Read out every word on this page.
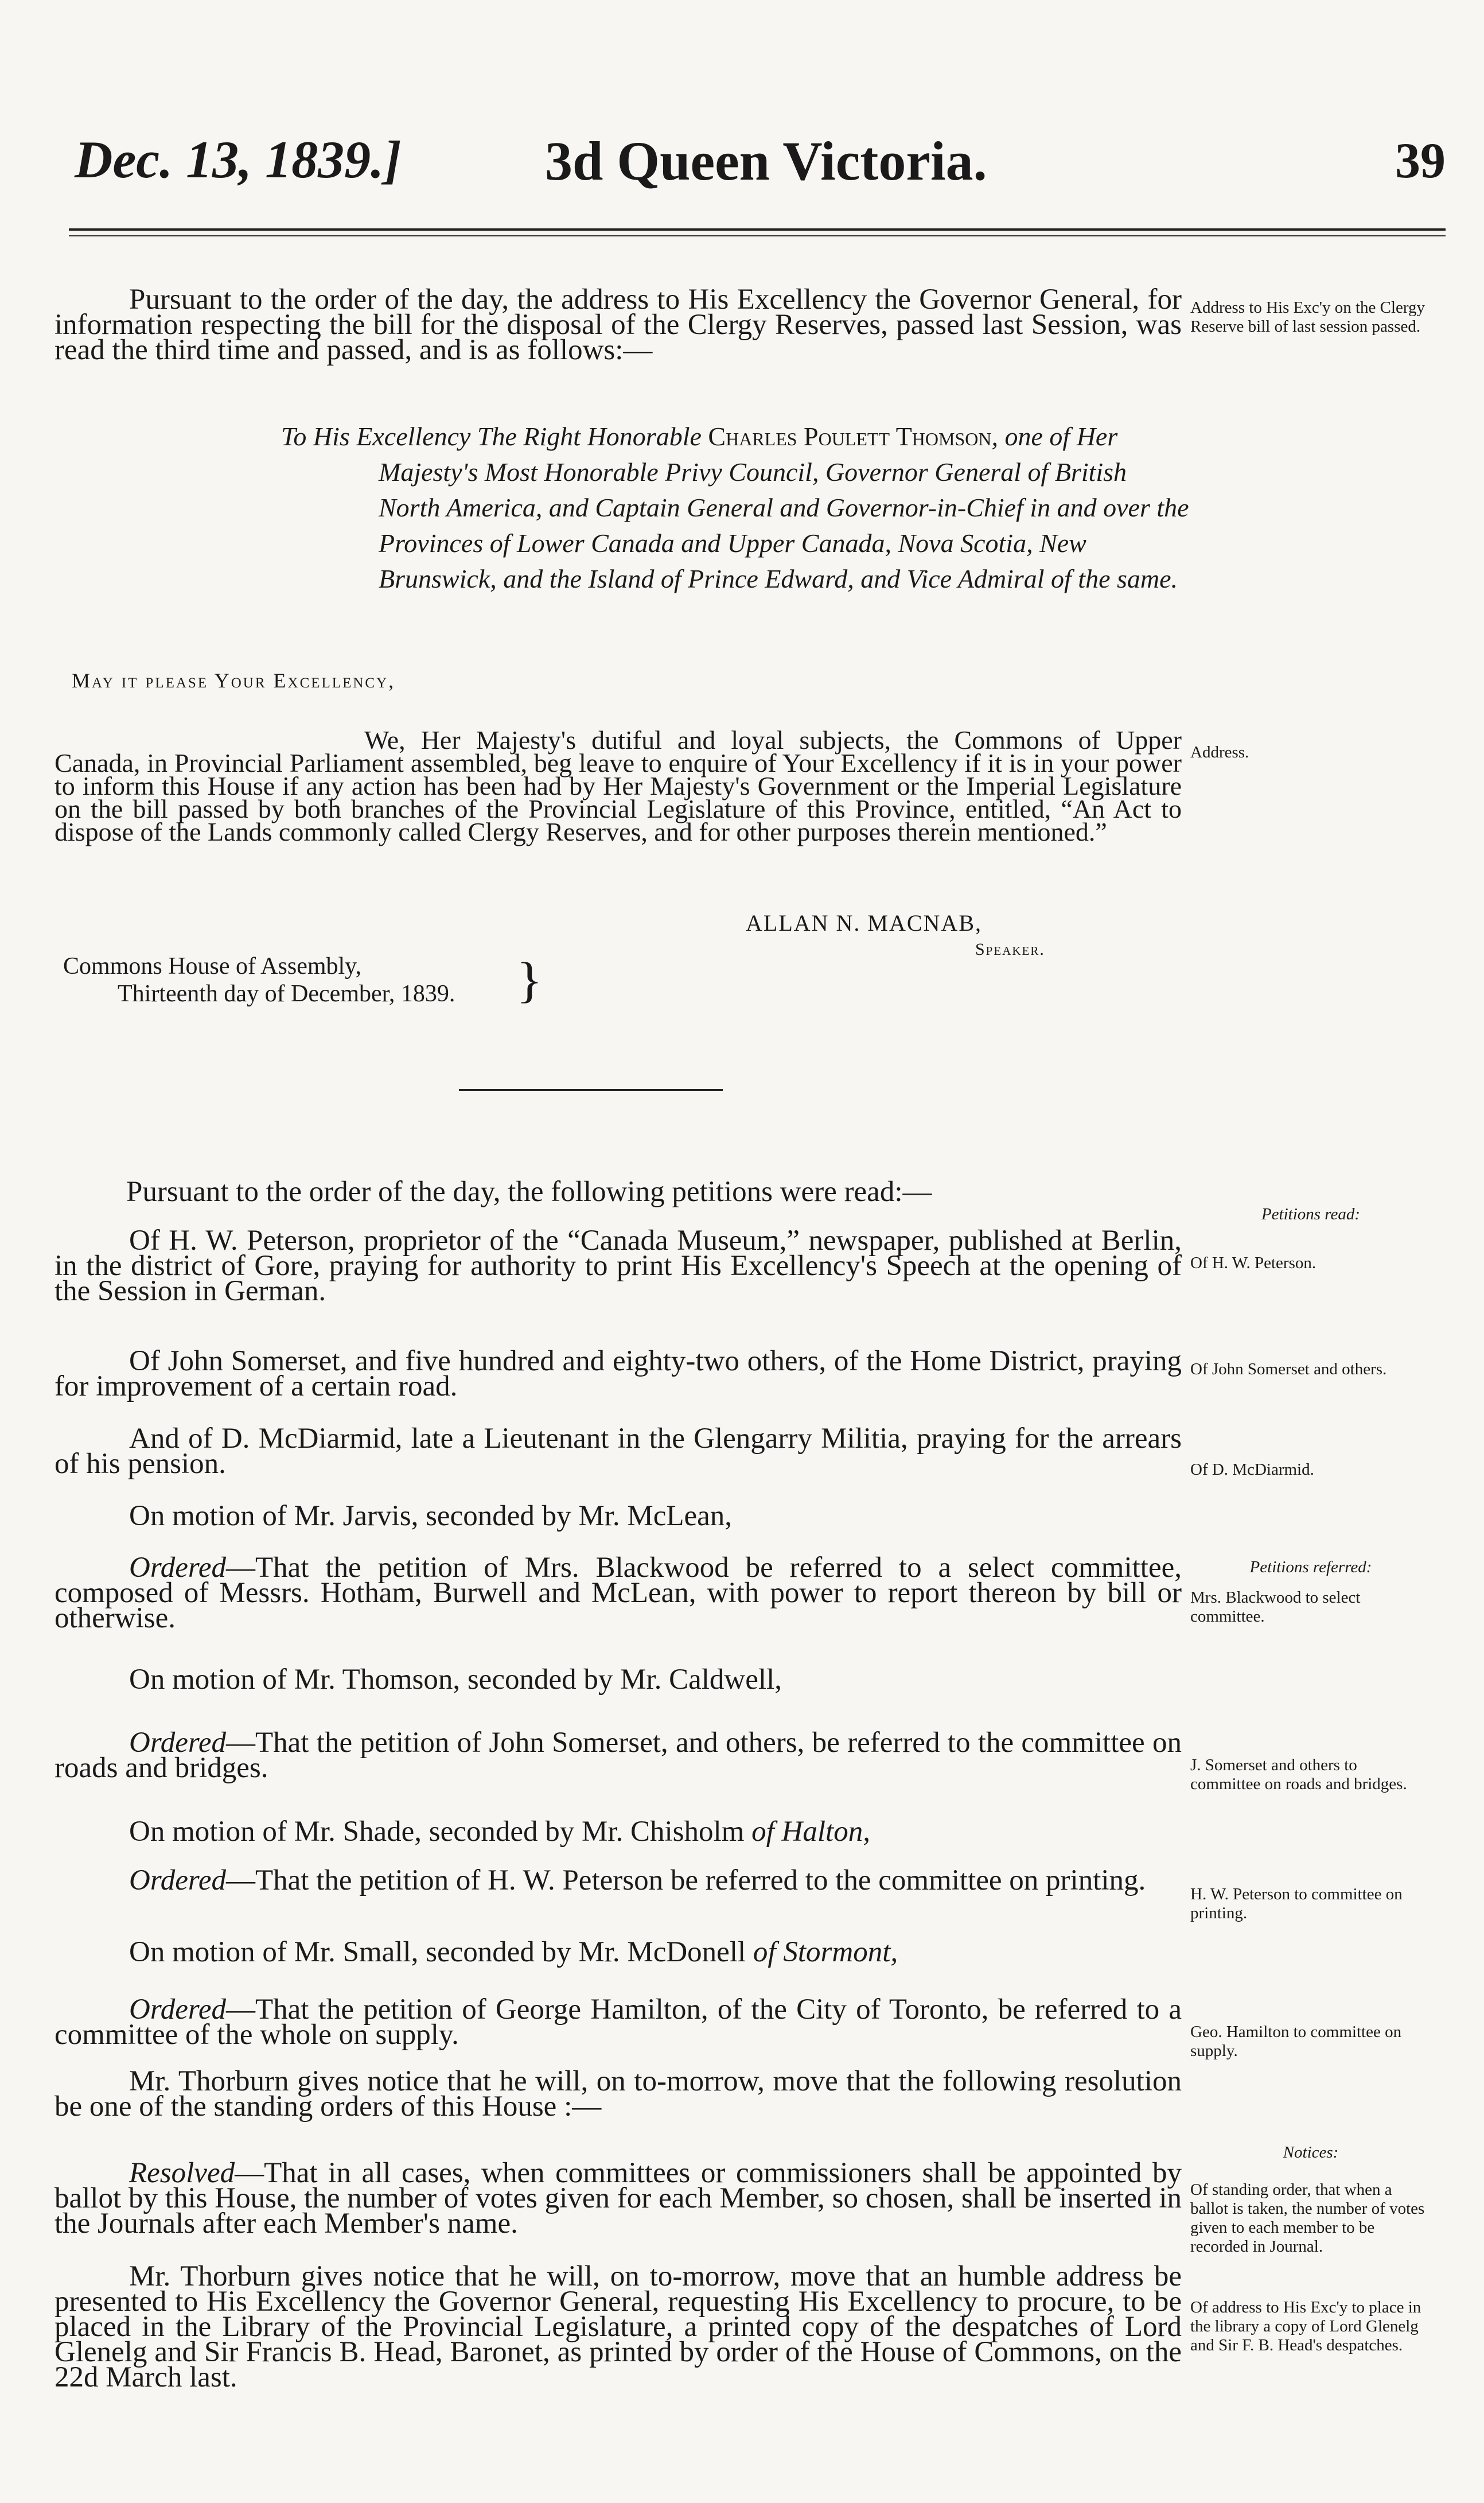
Dec. 13, 1839.]	3d Queen Victoria.	39
Pursuant to the order of the day, the address to His Excellency the Governor General, for information respecting the bill for the disposal of the Clergy Reserves, passed last Session, was read the third time and passed, and is as follows:—
Address to His Exc'y on the Clergy Reserve bill of last session passed.
To His Excellency The Right Honorable Charles Poulett Thomson, one of Her Majesty's Most Honorable Privy Council, Governor General of British North America, and Captain General and Governor-in-Chief in and over the Provinces of Lower Canada and Upper Canada, Nova Scotia, New Brunswick, and the Island of Prince Edward, and Vice Admiral of the same.
May it please Your Excellency,
We, Her Majesty's dutiful and loyal subjects, the Commons of Upper Canada, in Provincial Parliament assembled, beg leave to enquire of Your Excellency if it is in your power to inform this House if any action has been had by Her Majesty's Government or the Imperial Legislature on the bill passed by both branches of the Provincial Legislature of this Province, entitled, “An Act to dispose of the Lands commonly called Clergy Reserves, and for other purposes therein mentioned.”
Address.
ALLAN N. MACNAB,
Speaker.
Commons House of Assembly,
Thirteenth day of December, 1839. }
Pursuant to the order of the day, the following petitions were read:—
Petitions read:
Of H. W. Peterson, proprietor of the “Canada Museum,” newspaper, published at Berlin, in the district of Gore, praying for authority to print His Excellency's Speech at the opening of the Session in German.
Of H. W. Peterson.
Of John Somerset, and five hundred and eighty-two others, of the Home District, praying for improvement of a certain road.
Of John Somerset and others.
And of D. McDiarmid, late a Lieutenant in the Glengarry Militia, praying for the arrears of his pension.	Of D. McDiarmid.
On motion of Mr. Jarvis, seconded by Mr. McLean,
Ordered—That the petition of Mrs. Blackwood be referred to a select committee, composed of Messrs. Hotham, Burwell and McLean, with power to report thereon by bill or otherwise.
Petitions referred:
Mrs. Blackwood to select committee.
On motion of Mr. Thomson, seconded by Mr. Caldwell,
Ordered—That the petition of John Somerset, and others, be referred to the committee on roads and bridges.	J. Somerset and others to committee on roads and bridges.
On motion of Mr. Shade, seconded by Mr. Chisholm of Halton,
Ordered—That the petition of H. W. Peterson be referred to the committee on printing.	H. W. Peterson to committee on printing.
On motion of Mr. Small, seconded by Mr. McDonell of Stormont,
Ordered—That the petition of George Hamilton, of the City of Toronto, be referred to a committee of the whole on supply.	Geo. Hamilton to committee on supply.
Mr. Thorburn gives notice that he will, on to-morrow, move that the following resolution be one of the standing orders of this House :—
Notices:
Resolved—That in all cases, when committees or commissioners shall be appointed by ballot by this House, the number of votes given for each Member, so chosen, shall be inserted in the Journals after each Member's name.
Of standing order, that when a ballot is taken, the number of votes given to each member to be recorded in Journal.
Mr. Thorburn gives notice that he will, on to-morrow, move that an humble address be presented to His Excellency the Governor General, requesting His Excellency to procure, to be placed in the Library of the Provincial Legislature, a printed copy of the despatches of Lord Glenelg and Sir Francis B. Head, Baronet, as printed by order of the House of Commons, on the 22d March last.
Of address to His Exc'y to place in the library a copy of Lord Glenelg and Sir F. B. Head's despatches.
